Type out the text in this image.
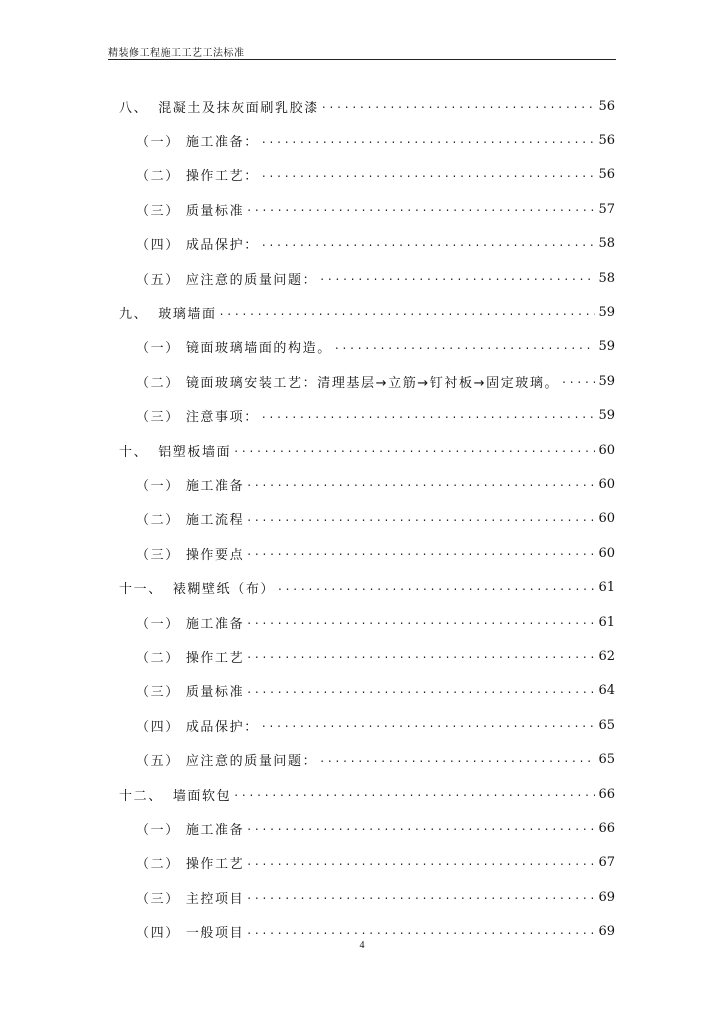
精装修工程施工工艺工法标准
八、 混凝土及抹灰面刷乳胶漆 . . .	56
（一） 施工准备： . . .	56
（二） 操作工艺： . . .	56
（三） 质量标准 . . .	57
（四） 成品保护： . . .	58
（五） 应注意的质量问题： . . .	58
九、 玻璃墙面 . . .	59
（一） 镜面玻璃墙面的构造。 . . .	59
（二） 镜面玻璃安装工艺：清理基层→立筋→钉衬板→固定玻璃。 . . .	59
（三） 注意事项： . . .	59
十、 铝塑板墙面 . . .	60
（一） 施工准备 . . .	60
（二） 施工流程 . . .	60
（三） 操作要点 . . .	60
十一、 裱糊壁纸（布） . . .	61
（一） 施工准备 . . .	61
（二） 操作工艺 . . .	62
（三） 质量标准 . . .	64
（四） 成品保护： . . .	65
（五） 应注意的质量问题： . . .	65
十二、 墙面软包 . . .	66
（一） 施工准备 . . .	66
（二） 操作工艺 . . .	67
（三） 主控项目 . . .	69
（四） 一般项目 . . .	69
4
